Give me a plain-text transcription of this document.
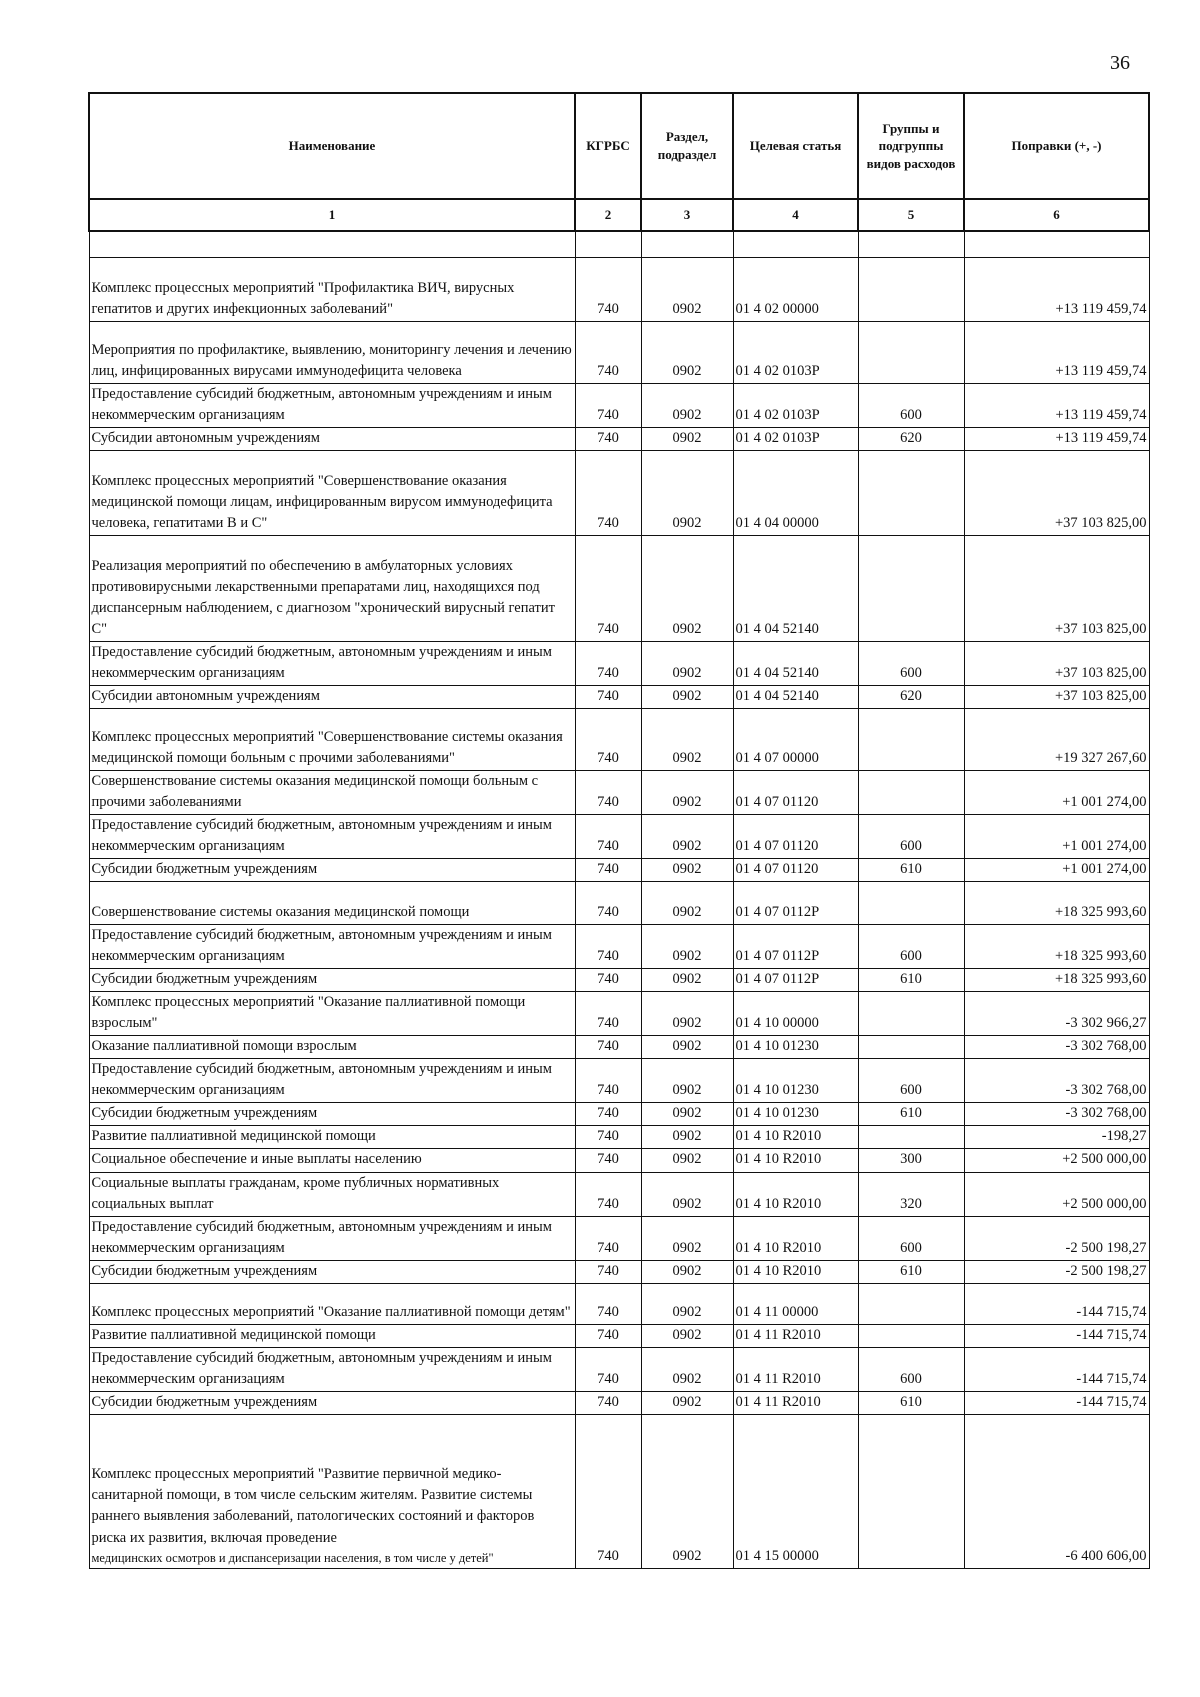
36
Наименование	КГРБС	Раздел, подраздел	Целевая статья	Группы и подгруппы видов расходов	Поправки (+, -)
1	2	3	4	5	6

Комплекс процессных мероприятий "Профилактика ВИЧ, вирусных гепатитов и других инфекционных заболеваний"	740	0902	01 4 02 00000		+13 119 459,74
Мероприятия по профилактике, выявлению, мониторингу лечения и лечению лиц, инфицированных вирусами иммунодефицита человека	740	0902	01 4 02 0103P		+13 119 459,74
Предоставление субсидий бюджетным, автономным учреждениям и иным некоммерческим организациям	740	0902	01 4 02 0103P	600	+13 119 459,74
Субсидии автономным учреждениям	740	0902	01 4 02 0103P	620	+13 119 459,74
Комплекс процессных мероприятий "Совершенствование оказания медицинской помощи лицам, инфицированным вирусом иммунодефицита человека, гепатитами В и С"	740	0902	01 4 04 00000		+37 103 825,00
Реализация мероприятий по обеспечению в амбулаторных условиях противовирусными лекарственными препаратами лиц, находящихся под диспансерным наблюдением, с диагнозом "хронический вирусный гепатит С"	740	0902	01 4 04 52140		+37 103 825,00
Предоставление субсидий бюджетным, автономным учреждениям и иным некоммерческим организациям	740	0902	01 4 04 52140	600	+37 103 825,00
Субсидии автономным учреждениям	740	0902	01 4 04 52140	620	+37 103 825,00
Комплекс процессных мероприятий "Совершенствование системы оказания медицинской помощи больным с прочими заболеваниями"	740	0902	01 4 07 00000		+19 327 267,60
Совершенствование системы оказания медицинской помощи больным с прочими заболеваниями	740	0902	01 4 07 01120		+1 001 274,00
Предоставление субсидий бюджетным, автономным учреждениям и иным некоммерческим организациям	740	0902	01 4 07 01120	600	+1 001 274,00
Субсидии бюджетным учреждениям	740	0902	01 4 07 01120	610	+1 001 274,00
Совершенствование системы оказания медицинской помощи	740	0902	01 4 07 0112P		+18 325 993,60
Предоставление субсидий бюджетным, автономным учреждениям и иным некоммерческим организациям	740	0902	01 4 07 0112P	600	+18 325 993,60
Субсидии бюджетным учреждениям	740	0902	01 4 07 0112P	610	+18 325 993,60
Комплекс процессных мероприятий "Оказание паллиативной помощи взрослым"	740	0902	01 4 10 00000		-3 302 966,27
Оказание паллиативной помощи взрослым	740	0902	01 4 10 01230		-3 302 768,00
Предоставление субсидий бюджетным, автономным учреждениям и иным некоммерческим организациям	740	0902	01 4 10 01230	600	-3 302 768,00
Субсидии бюджетным учреждениям	740	0902	01 4 10 01230	610	-3 302 768,00
Развитие паллиативной медицинской помощи	740	0902	01 4 10 R2010		-198,27
Социальное обеспечение и иные выплаты населению	740	0902	01 4 10 R2010	300	+2 500 000,00
Социальные выплаты гражданам, кроме публичных нормативных социальных выплат	740	0902	01 4 10 R2010	320	+2 500 000,00
Предоставление субсидий бюджетным, автономным учреждениям и иным некоммерческим организациям	740	0902	01 4 10 R2010	600	-2 500 198,27
Субсидии бюджетным учреждениям	740	0902	01 4 10 R2010	610	-2 500 198,27
Комплекс процессных мероприятий "Оказание паллиативной помощи детям"	740	0902	01 4 11 00000		-144 715,74
Развитие паллиативной медицинской помощи	740	0902	01 4 11 R2010		-144 715,74
Предоставление субсидий бюджетным, автономным учреждениям и иным некоммерческим организациям	740	0902	01 4 11 R2010	600	-144 715,74
Субсидии бюджетным учреждениям	740	0902	01 4 11 R2010	610	-144 715,74
Комплекс процессных мероприятий "Развитие первичной медико-санитарной помощи, в том числе сельским жителям. Развитие системы раннего выявления заболеваний, патологических состояний и факторов риска их развития, включая проведение
медицинских осмотров и диспансеризации населения, в том числе у детей"	740	0902	01 4 15 00000		-6 400 606,00
